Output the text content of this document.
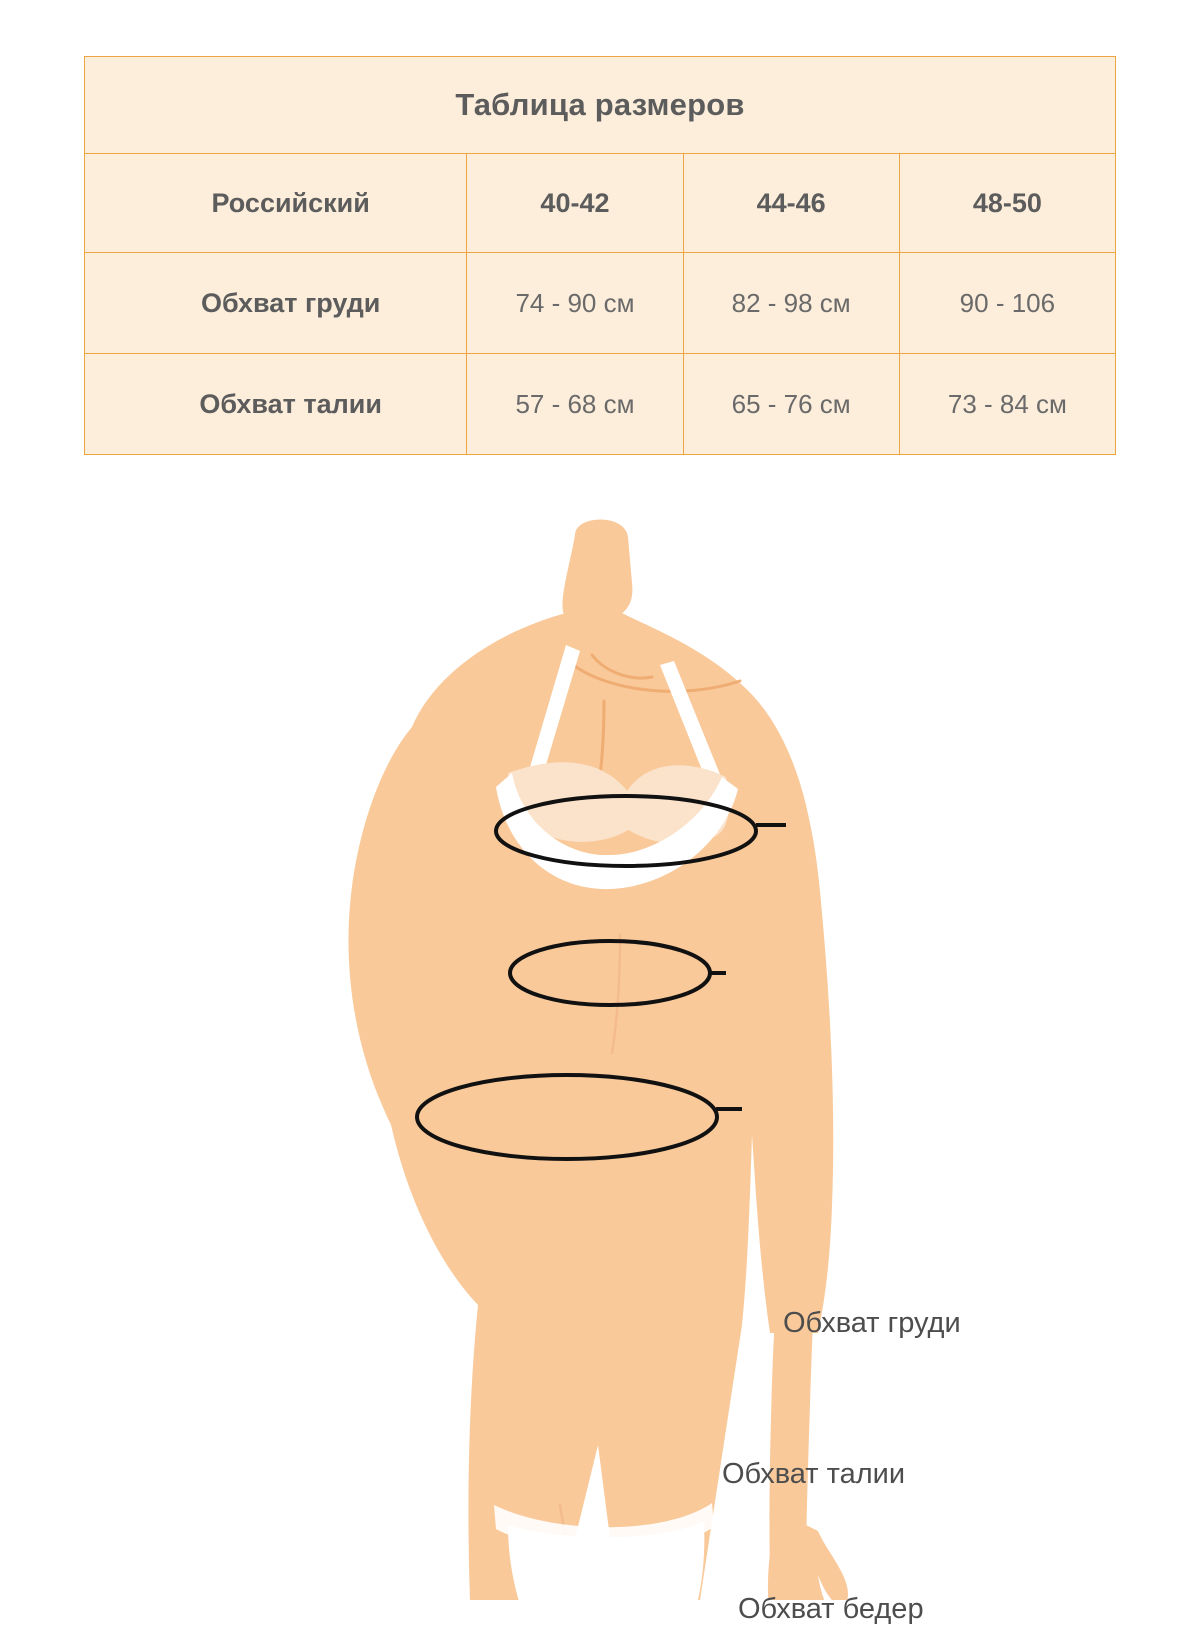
Таблица размеров			
Российский	40-42	44-46	48-50
Обхват груди	74 - 90 см	82 - 98 см	90 - 106
Обхват талии	57 - 68 см	65 - 76 см	73 - 84 см
Обхват груди
Обхват талии
Обхват бедер
